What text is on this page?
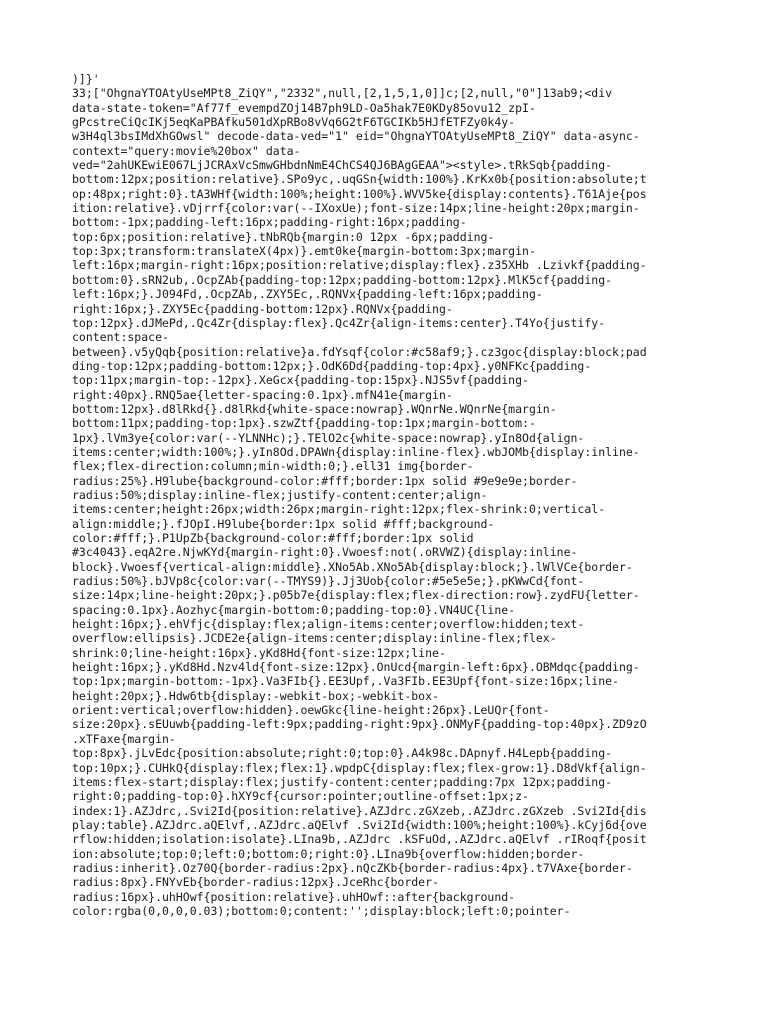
)]}'
33;["OhgnaYTOAtyUseMPt8_ZiQY","2332",null,[2,1,5,1,0]]c;[2,null,"0"]13ab9;<div
data-state-token="Af77f_evempdZOj14B7ph9LD-Oa5hak7E0KDy85ovu12_zpI-
gPcstreCiQcIKj5eqKaPBAfku501dXpRBo8vVq6G2tF6TGCIKb5HJfETFZy0k4y-
w3H4ql3bsIMdXhGOwsl" decode-data-ved="1" eid="OhgnaYTOAtyUseMPt8_ZiQY" data-async-
context="query:movie%20box" data-
ved="2ahUKEwiE067LjJCRAxVcSmwGHbdnNmE4ChCS4QJ6BAgGEAA"><style>.tRkSqb{padding-
bottom:12px;position:relative}.SPo9yc,.uqGSn{width:100%}.KrKx0b{position:absolute;t
op:48px;right:0}.tA3WHf{width:100%;height:100%}.WVV5ke{display:contents}.T61Aje{pos
ition:relative}.vDjrrf{color:var(--IXoxUe);font-size:14px;line-height:20px;margin-
bottom:-1px;padding-left:16px;padding-right:16px;padding-
top:6px;position:relative}.tNbRQb{margin:0 12px -6px;padding-
top:3px;transform:translateX(4px)}.emt0ke{margin-bottom:3px;margin-
left:16px;margin-right:16px;position:relative;display:flex}.z35XHb .Lzivkf{padding-
bottom:0}.sRN2ub,.OcpZAb{padding-top:12px;padding-bottom:12px}.MlK5cf{padding-
left:16px;}.J094Fd,.OcpZAb,.ZXY5Ec,.RQNVx{padding-left:16px;padding-
right:16px;}.ZXY5Ec{padding-bottom:12px}.RQNVx{padding-
top:12px}.dJMePd,.Qc4Zr{display:flex}.Qc4Zr{align-items:center}.T4Yo{justify-
content:space-
between}.v5yQqb{position:relative}a.fdYsqf{color:#c58af9;}.cz3goc{display:block;pad
ding-top:12px;padding-bottom:12px;}.OdK6Dd{padding-top:4px}.y0NFKc{padding-
top:11px;margin-top:-12px}.XeGcx{padding-top:15px}.NJS5vf{padding-
right:40px}.RNQ5ae{letter-spacing:0.1px}.mfN41e{margin-
bottom:12px}.d8lRkd{}.d8lRkd{white-space:nowrap}.WQnrNe.WQnrNe{margin-
bottom:11px;padding-top:1px}.szwZtf{padding-top:1px;margin-bottom:-
1px}.lVm3ye{color:var(--YLNNHc);}.TElO2c{white-space:nowrap}.yIn8Od{align-
items:center;width:100%;}.yIn8Od.DPAWn{display:inline-flex}.wbJOMb{display:inline-
flex;flex-direction:column;min-width:0;}.ell31 img{border-
radius:25%}.H9lube{background-color:#fff;border:1px solid #9e9e9e;border-
radius:50%;display:inline-flex;justify-content:center;align-
items:center;height:26px;width:26px;margin-right:12px;flex-shrink:0;vertical-
align:middle;}.fJOpI.H9lube{border:1px solid #fff;background-
color:#fff;}.P1UpZb{background-color:#fff;border:1px solid
#3c4043}.eqA2re.NjwKYd{margin-right:0}.Vwoesf:not(.oRVWZ){display:inline-
block}.Vwoesf{vertical-align:middle}.XNo5Ab.XNo5Ab{display:block;}.lWlVCe{border-
radius:50%}.bJVp8c{color:var(--TMYS9)}.Jj3Uob{color:#5e5e5e;}.pKWwCd{font-
size:14px;line-height:20px;}.p05b7e{display:flex;flex-direction:row}.zydFU{letter-
spacing:0.1px}.Aozhyc{margin-bottom:0;padding-top:0}.VN4UC{line-
height:16px;}.ehVfjc{display:flex;align-items:center;overflow:hidden;text-
overflow:ellipsis}.JCDE2e{align-items:center;display:inline-flex;flex-
shrink:0;line-height:16px}.yKd8Hd{font-size:12px;line-
height:16px;}.yKd8Hd.Nzv4ld{font-size:12px}.OnUcd{margin-left:6px}.OBMdqc{padding-
top:1px;margin-bottom:-1px}.Va3FIb{}.EE3Upf,.Va3FIb.EE3Upf{font-size:16px;line-
height:20px;}.Hdw6tb{display:-webkit-box;-webkit-box-
orient:vertical;overflow:hidden}.oewGkc{line-height:26px}.LeUQr{font-
size:20px}.sEUuwb{padding-left:9px;padding-right:9px}.ONMyF{padding-top:40px}.ZD9zO
.xTFaxe{margin-
top:8px}.jLvEdc{position:absolute;right:0;top:0}.A4k98c.DApnyf.H4Lepb{padding-
top:10px;}.CUHkQ{display:flex;flex:1}.wpdpC{display:flex;flex-grow:1}.D8dVkf{align-
items:flex-start;display:flex;justify-content:center;padding:7px 12px;padding-
right:0;padding-top:0}.hXY9cf{cursor:pointer;outline-offset:1px;z-
index:1}.AZJdrc,.Svi2Id{position:relative}.AZJdrc.zGXzeb,.AZJdrc.zGXzeb .Svi2Id{dis
play:table}.AZJdrc.aQElvf,.AZJdrc.aQElvf .Svi2Id{width:100%;height:100%}.kCyj6d{ove
rflow:hidden;isolation:isolate}.LIna9b,.AZJdrc .kSFuOd,.AZJdrc.aQElvf .rIRoqf{posit
ion:absolute;top:0;left:0;bottom:0;right:0}.LIna9b{overflow:hidden;border-
radius:inherit}.Oz70Q{border-radius:2px}.nQcZKb{border-radius:4px}.t7VAxe{border-
radius:8px}.FNYvEb{border-radius:12px}.JceRhc{border-
radius:16px}.uhHOwf{position:relative}.uhHOwf::after{background-
color:rgba(0,0,0,0.03);bottom:0;content:'';display:block;left:0;pointer-
